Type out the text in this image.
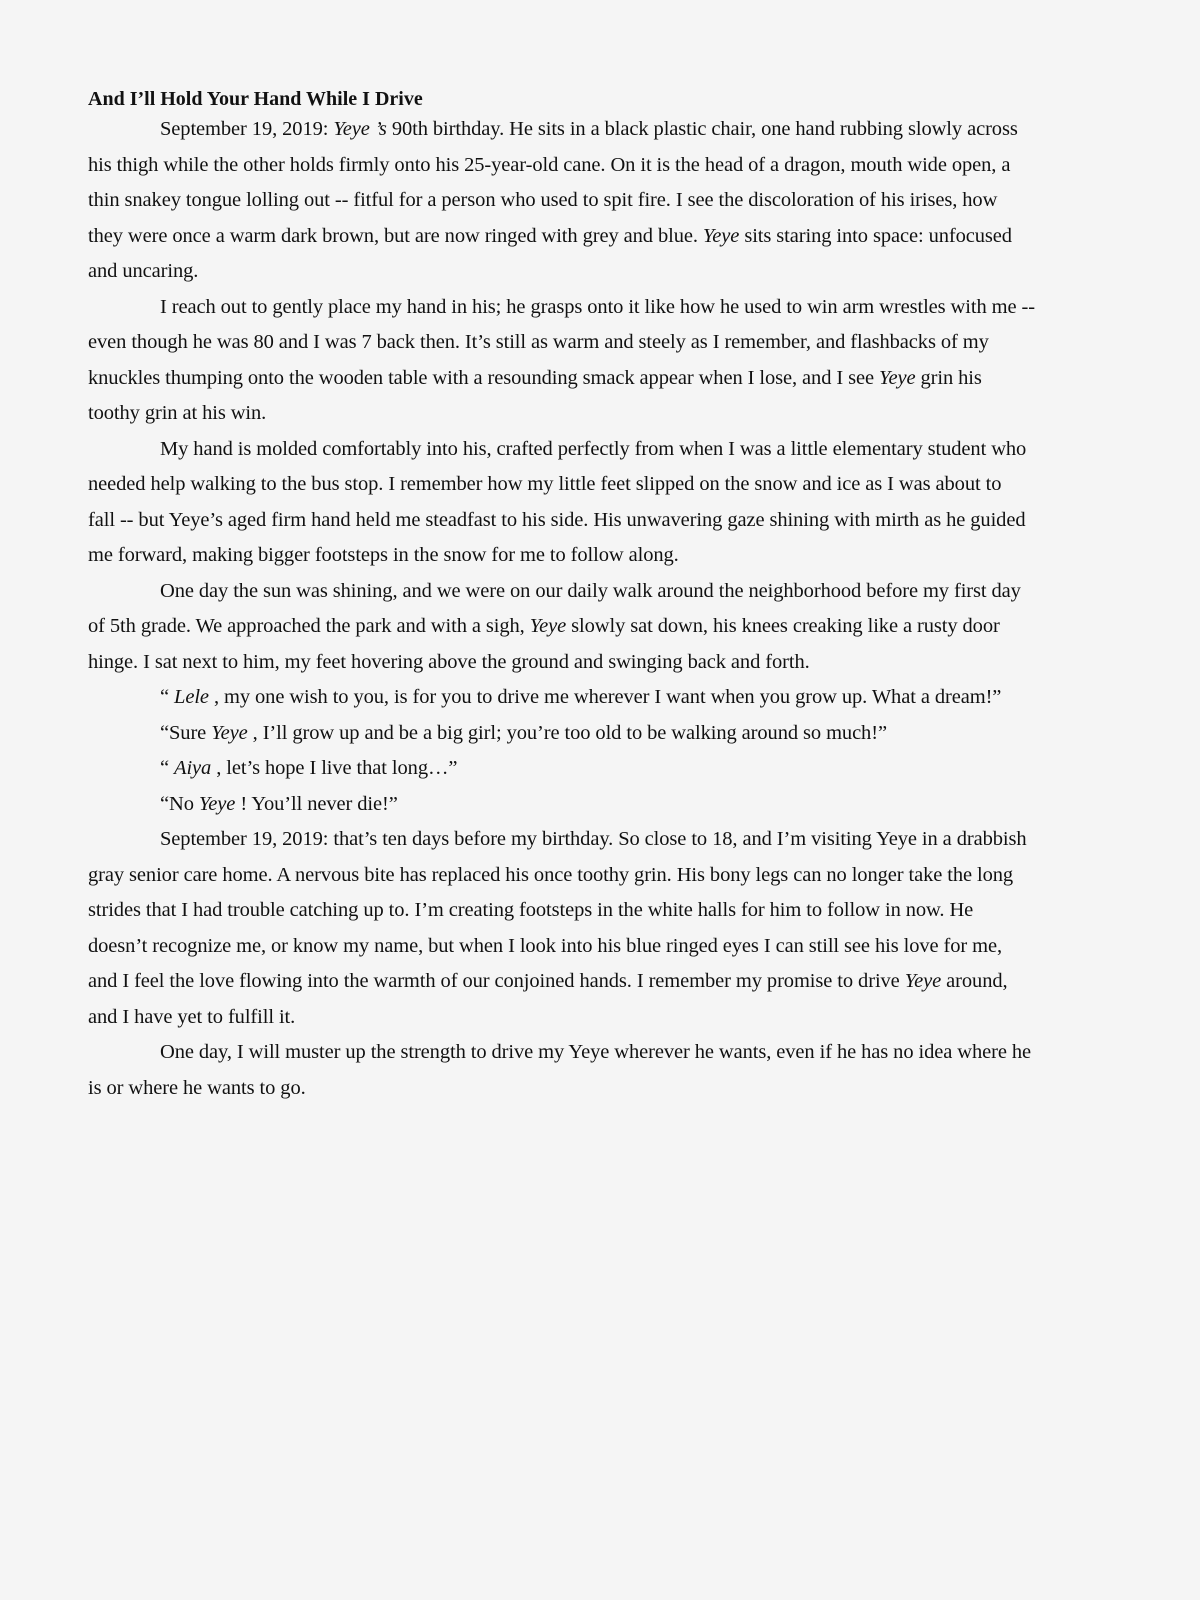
And I’ll Hold Your Hand While I Drive
September 19, 2019: Yeye ’s 90th birthday. He sits in a black plastic chair, one hand rubbing slowly across
his thigh while the other holds firmly onto his 25-year-old cane. On it is the head of a dragon, mouth wide open, a
thin snakey tongue lolling out -- fitful for a person who used to spit fire. I see the discoloration of his irises, how
they were once a warm dark brown, but are now ringed with grey and blue. Yeye sits staring into space: unfocused
and uncaring.
I reach out to gently place my hand in his; he grasps onto it like how he used to win arm wrestles with me --
even though he was 80 and I was 7 back then. It’s still as warm and steely as I remember, and flashbacks of my
knuckles thumping onto the wooden table with a resounding smack appear when I lose, and I see Yeye grin his
toothy grin at his win.
My hand is molded comfortably into his, crafted perfectly from when I was a little elementary student who
needed help walking to the bus stop. I remember how my little feet slipped on the snow and ice as I was about to
fall -- but Yeye’s aged firm hand held me steadfast to his side. His unwavering gaze shining with mirth as he guided
me forward, making bigger footsteps in the snow for me to follow along.
One day the sun was shining, and we were on our daily walk around the neighborhood before my first day
of 5th grade. We approached the park and with a sigh, Yeye slowly sat down, his knees creaking like a rusty door
hinge. I sat next to him, my feet hovering above the ground and swinging back and forth.
“ Lele , my one wish to you, is for you to drive me wherever I want when you grow up. What a dream!”
“Sure Yeye , I’ll grow up and be a big girl; you’re too old to be walking around so much!”
“ Aiya , let’s hope I live that long…”
“No Yeye ! You’ll never die!”
September 19, 2019: that’s ten days before my birthday. So close to 18, and I’m visiting Yeye in a drabbish
gray senior care home. A nervous bite has replaced his once toothy grin. His bony legs can no longer take the long
strides that I had trouble catching up to. I’m creating footsteps in the white halls for him to follow in now. He
doesn’t recognize me, or know my name, but when I look into his blue ringed eyes I can still see his love for me,
and I feel the love flowing into the warmth of our conjoined hands. I remember my promise to drive Yeye around,
and I have yet to fulfill it.
One day, I will muster up the strength to drive my Yeye wherever he wants, even if he has no idea where he
is or where he wants to go.
